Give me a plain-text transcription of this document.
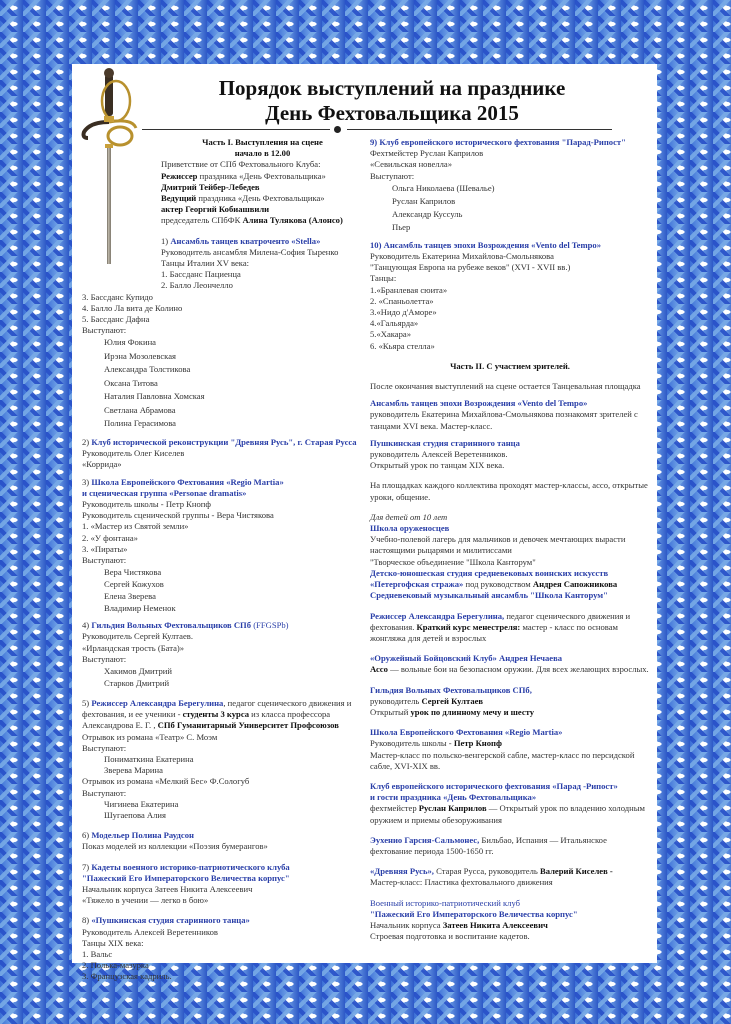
Порядок выступлений на празднике
День Фехтовальщика 2015
Часть I. Выступления на сцене
начало в 12.00
Приветствие от СПб Фехтовального Клуба:
Режиссер праздника «День Фехтовальщика»
Дмитрий Тейбер-Лебедев
Ведущий праздника «День Фехтовальщика»
актер Георгий Кобиашвили
председатель СПбФК Алина Тулякова (Алонсо)
1) Ансамбль танцев кватроченто «Stella»
Руководитель ансамбля Милена-София Тыренко
Танцы Италии XV века:
1. Бассданс Пациенца
2. Балло Леончелло
3. Бассданс Купидо
4. Балло Ла вита де Колино
5. Бассданс Дафна
Выступают:
Юлия Фокина
Ирэна Мозолевская
Александра Толстикова
Оксана Титова
Наталия Павловна Хомская
Светлана Абрамова
Полина Герасимова
2) Клуб исторической реконструкции "Древняя Русь", г. Старая Русса
Руководитель Олег Киселев
«Коррида»
3) Школа Европейского Фехтования «Regio Martia»
и сценическая группа «Personae dramatis»
Руководитель школы - Петр Кнопф
Руководитель сценической группы - Вера Чистякова
1. «Мастер из Святой земли»
2. «У фонтана»
3. «Пираты»
Выступают:
Вера Чистякова
Сергей Кожухов
Елена Зверева
Владимир Неменок
4) Гильдия Вольных Фехтовальщиков СПб (FFGSPb)
Руководитель Сергей Култаев.
«Ирландская трость (Бата)»
Выступают:
Хакимов Дмитрий
Старков Дмитрий
5) Режиссер Александра Берегулина, педагог сценического движения и фехтования, и ее ученики - студенты 3 курса из класса профессора Александрова Е. Г. , СПб Гуманитарный Университет Профсоюзов
Отрывок из романа «Театр» С. Моэм
Выступают:
Пониматкина Екатерина
Зверева Марина
Отрывок из романа «Мелкий Бес» Ф.Сологуб
Выступают:
Чигинева Екатерина
Шугаепова Алия
6) Модельер Полина Раудсон
Показ моделей из коллекции «Поэзия бумерангов»
7) Кадеты военного историко-патриотического клуба
"Пажеский Его Императорского Величества корпус"
Начальник корпуса Затеев Никита Алексеевич
«Тяжело в учении — легко в бою»
8) «Пушкинская студия старинного танца»
Руководитель Алексей Веретенников
Танцы XIX века:
1. Вальс
2. Полька-мазурка
3. Французская кадриль.
9) Клуб европейского исторического фехтования "Парад-Рипост"
Фехтмейстер Руслан Каприлов
«Севильская новелла»
Выступают:
Ольга Николаева (Шевалье)
Руслан Каприлов
Александр Куссуль
Пьер
10) Ансамбль танцев эпохи Возрождения «Vento del Tempo»
Руководитель Екатерина Михайлова-Смольнякова
"Танцующая Европа на рубеже веков" (XVI - XVII вв.)
Танцы:
1.«Бранлевая сюита»
2. «Спаньолетта»
3.«Нидо д'Аморе»
4.«Гальярда»
5.«Хакара»
6. «Кьяра стелла»
Часть II. С участием зрителей.
После окончания выступлений на сцене остается Танцевальная площадка
Ансамбль танцев эпохи Возрождения «Vento del Tempo»
руководитель Екатерина Михайлова-Смольнякова познакомят зрителей с танцами XVI века. Мастер-класс.
Пушкинская студия старинного танца
руководитель Алексей Веретенников.
Открытый урок по танцам XIX века.
На площадках каждого коллектива проходят мастер-классы, ассо, открытые уроки, общение.
Для детей от 10 лет
Школа оруженосцев
Учебно-полевой лагерь для мальчиков и девочек мечтающих вырасти настоящими рыцарями и милитиссами
"Творческое объединение "Школа Канторум"
Детско-юношеская студия средневековых воинских искусств
«Петергофская стража» под руководством Андрея Сапожникова
Средневековый музыкальный ансамбль "Школа Канторум"
Режиссер Александра Берегулина, педагог сценического движения и фехтования. Краткий курс менестреля: мастер - класс по основам жонгляжа для детей и взрослых
«Оружейный Бойцовский Клуб» Андрея Нечаева
Ассо — вольные бои на безопасном оружии. Для всех желающих взрослых.
Гильдия Вольных Фехтовальщиков СПб,
руководитель Сергей Култаев
Открытый урок по длинному мечу и шесту
Школа Европейского Фехтования «Regio Martia»
Руководитель школы - Петр Кнопф
Мастер-класс по польско-венгерской сабле, мастер-класс по персидской сабле, XVI-XIX вв.
Клуб европейского исторического фехтования «Парад -Рипост»
и гости праздника «День Фехтовальщика»
фехтмейстер Руслан Каприлов — Открытый урок по владению холодным оружием и приемы обезоруживания
Эухенио Гарсия-Сальмонес, Бильбао, Испания — Итальянское фехтование периода 1500-1650 гг.
«Древняя Русь», Старая Русса, руководитель Валерий Киселев -
Мастер-класс: Пластика фехтовального движения
Военный историко-патриотический клуб
"Пажеский Его Императорского Величества корпус"
Начальник корпуса Затеев Никита Алексеевич
Строевая подготовка и воспитание кадетов.
